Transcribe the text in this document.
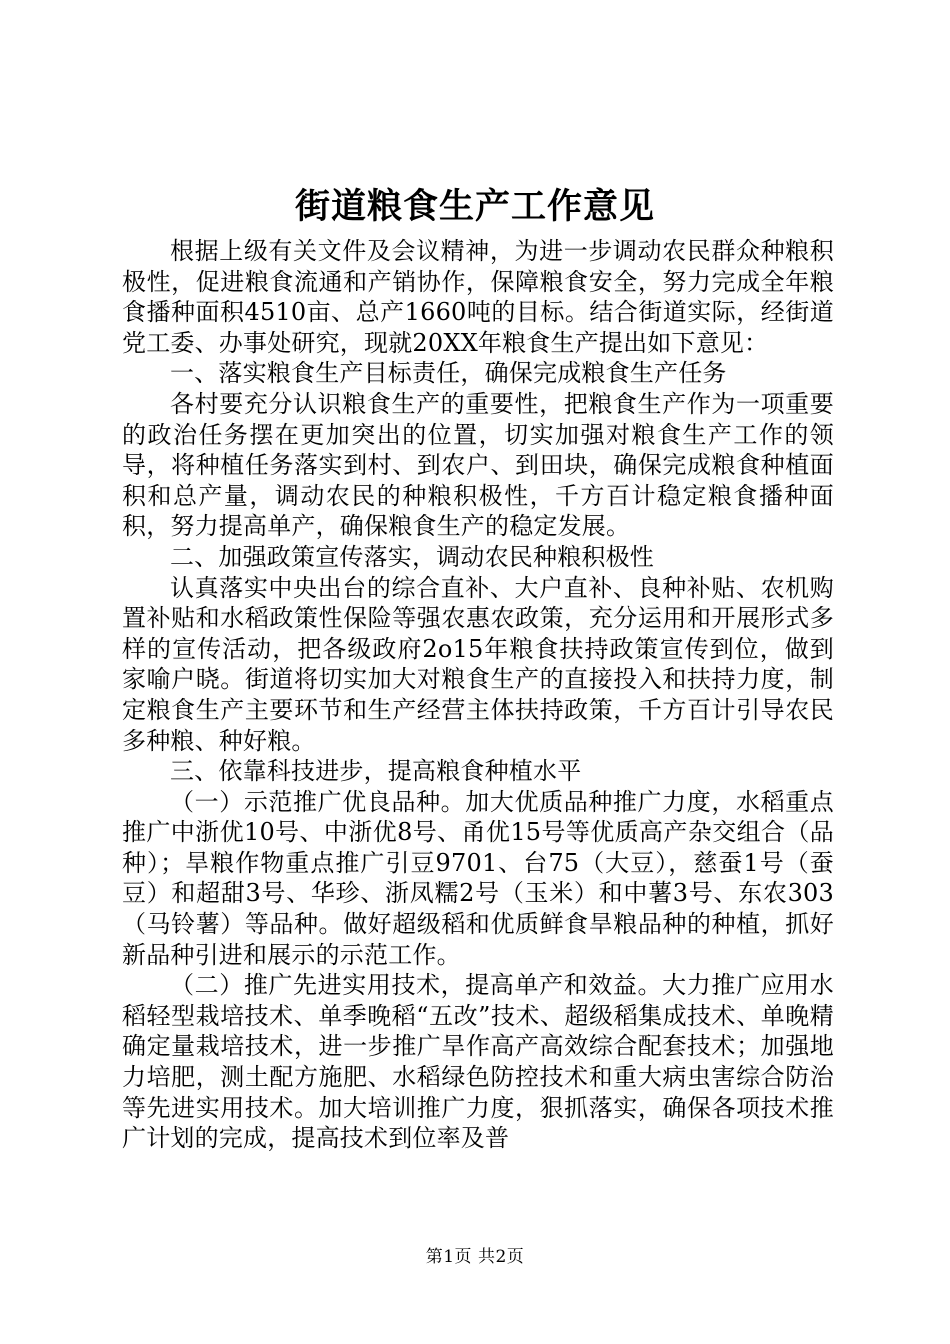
街道粮食生产工作意见

根据上级有关文件及会议精神，为进一步调动农民群众种粮积极性，促进粮食流通和产销协作，保障粮食安全，努力完成全年粮食播种面积4510亩、总产1660吨的目标。结合街道实际，经街道党工委、办事处研究，现就20XX年粮食生产提出如下意见：

一、落实粮食生产目标责任，确保完成粮食生产任务

各村要充分认识粮食生产的重要性，把粮食生产作为一项重要的政治任务摆在更加突出的位置，切实加强对粮食生产工作的领导，将种植任务落实到村、到农户、到田块，确保完成粮食种植面积和总产量，调动农民的种粮积极性，千方百计稳定粮食播种面积，努力提高单产，确保粮食生产的稳定发展。

二、加强政策宣传落实，调动农民种粮积极性

认真落实中央出台的综合直补、大户直补、良种补贴、农机购置补贴和水稻政策性保险等强农惠农政策，充分运用和开展形式多样的宣传活动，把各级政府2o15年粮食扶持政策宣传到位，做到家喻户晓。街道将切实加大对粮食生产的直接投入和扶持力度，制定粮食生产主要环节和生产经营主体扶持政策，千方百计引导农民多种粮、种好粮。

三、依靠科技进步，提高粮食种植水平

（一）示范推广优良品种。加大优质品种推广力度，水稻重点推广中浙优10号、中浙优8号、甬优15号等优质高产杂交组合（品种）；旱粮作物重点推广引豆9701、台75（大豆），慈蚕1号（蚕豆）和超甜3号、华珍、浙凤糯2号（玉米）和中薯3号、东农303（马铃薯）等品种。做好超级稻和优质鲜食旱粮品种的种植，抓好新品种引进和展示的示范工作。

（二）推广先进实用技术，提高单产和效益。大力推广应用水稻轻型栽培技术、单季晚稻“五改”技术、超级稻集成技术、单晚精确定量栽培技术，进一步推广旱作高产高效综合配套技术；加强地力培肥，测土配方施肥、水稻绿色防控技术和重大病虫害综合防治等先进实用技术。加大培训推广力度，狠抓落实，确保各项技术推广计划的完成，提高技术到位率及普

第1页 共2页
